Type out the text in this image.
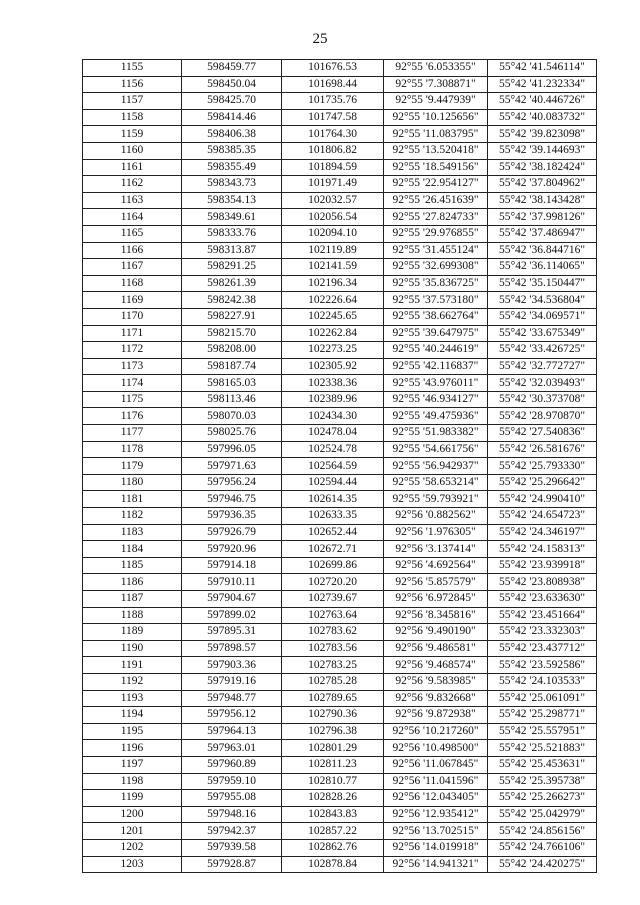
25
1155	598459.77	101676.53	92°55 '6.053355"	55°42 '41.546114"
1156	598450.04	101698.44	92°55 '7.308871"	55°42 '41.232334"
1157	598425.70	101735.76	92°55 '9.447939"	55°42 '40.446726"
1158	598414.46	101747.58	92°55 '10.125656"	55°42 '40.083732"
1159	598406.38	101764.30	92°55 '11.083795"	55°42 '39.823098"
1160	598385.35	101806.82	92°55 '13.520418"	55°42 '39.144693"
1161	598355.49	101894.59	92°55 '18.549156"	55°42 '38.182424"
1162	598343.73	101971.49	92°55 '22.954127"	55°42 '37.804962"
1163	598354.13	102032.57	92°55 '26.451639"	55°42 '38.143428"
1164	598349.61	102056.54	92°55 '27.824733"	55°42 '37.998126"
1165	598333.76	102094.10	92°55 '29.976855"	55°42 '37.486947"
1166	598313.87	102119.89	92°55 '31.455124"	55°42 '36.844716"
1167	598291.25	102141.59	92°55 '32.699308"	55°42 '36.114065"
1168	598261.39	102196.34	92°55 '35.836725"	55°42 '35.150447"
1169	598242.38	102226.64	92°55 '37.573180"	55°42 '34.536804"
1170	598227.91	102245.65	92°55 '38.662764"	55°42 '34.069571"
1171	598215.70	102262.84	92°55 '39.647975"	55°42 '33.675349"
1172	598208.00	102273.25	92°55 '40.244619"	55°42 '33.426725"
1173	598187.74	102305.92	92°55 '42.116837"	55°42 '32.772727"
1174	598165.03	102338.36	92°55 '43.976011"	55°42 '32.039493"
1175	598113.46	102389.96	92°55 '46.934127"	55°42 '30.373708"
1176	598070.03	102434.30	92°55 '49.475936"	55°42 '28.970870"
1177	598025.76	102478.04	92°55 '51.983382"	55°42 '27.540836"
1178	597996.05	102524.78	92°55 '54.661756"	55°42 '26.581676"
1179	597971.63	102564.59	92°55 '56.942937"	55°42 '25.793330"
1180	597956.24	102594.44	92°55 '58.653214"	55°42 '25.296642"
1181	597946.75	102614.35	92°55 '59.793921"	55°42 '24.990410"
1182	597936.35	102633.35	92°56 '0.882562"	55°42 '24.654723"
1183	597926.79	102652.44	92°56 '1.976305"	55°42 '24.346197"
1184	597920.96	102672.71	92°56 '3.137414"	55°42 '24.158313"
1185	597914.18	102699.86	92°56 '4.692564"	55°42 '23.939918"
1186	597910.11	102720.20	92°56 '5.857579"	55°42 '23.808938"
1187	597904.67	102739.67	92°56 '6.972845"	55°42 '23.633630"
1188	597899.02	102763.64	92°56 '8.345816"	55°42 '23.451664"
1189	597895.31	102783.62	92°56 '9.490190"	55°42 '23.332303"
1190	597898.57	102783.56	92°56 '9.486581"	55°42 '23.437712"
1191	597903.36	102783.25	92°56 '9.468574"	55°42 '23.592586"
1192	597919.16	102785.28	92°56 '9.583985"	55°42 '24.103533"
1193	597948.77	102789.65	92°56 '9.832668"	55°42 '25.061091"
1194	597956.12	102790.36	92°56 '9.872938"	55°42 '25.298771"
1195	597964.13	102796.38	92°56 '10.217260"	55°42 '25.557951"
1196	597963.01	102801.29	92°56 '10.498500"	55°42 '25.521883"
1197	597960.89	102811.23	92°56 '11.067845"	55°42 '25.453631"
1198	597959.10	102810.77	92°56 '11.041596"	55°42 '25.395738"
1199	597955.08	102828.26	92°56 '12.043405"	55°42 '25.266273"
1200	597948.16	102843.83	92°56 '12.935412"	55°42 '25.042979"
1201	597942.37	102857.22	92°56 '13.702515"	55°42 '24.856156"
1202	597939.58	102862.76	92°56 '14.019918"	55°42 '24.766106"
1203	597928.87	102878.84	92°56 '14.941321"	55°42 '24.420275"
